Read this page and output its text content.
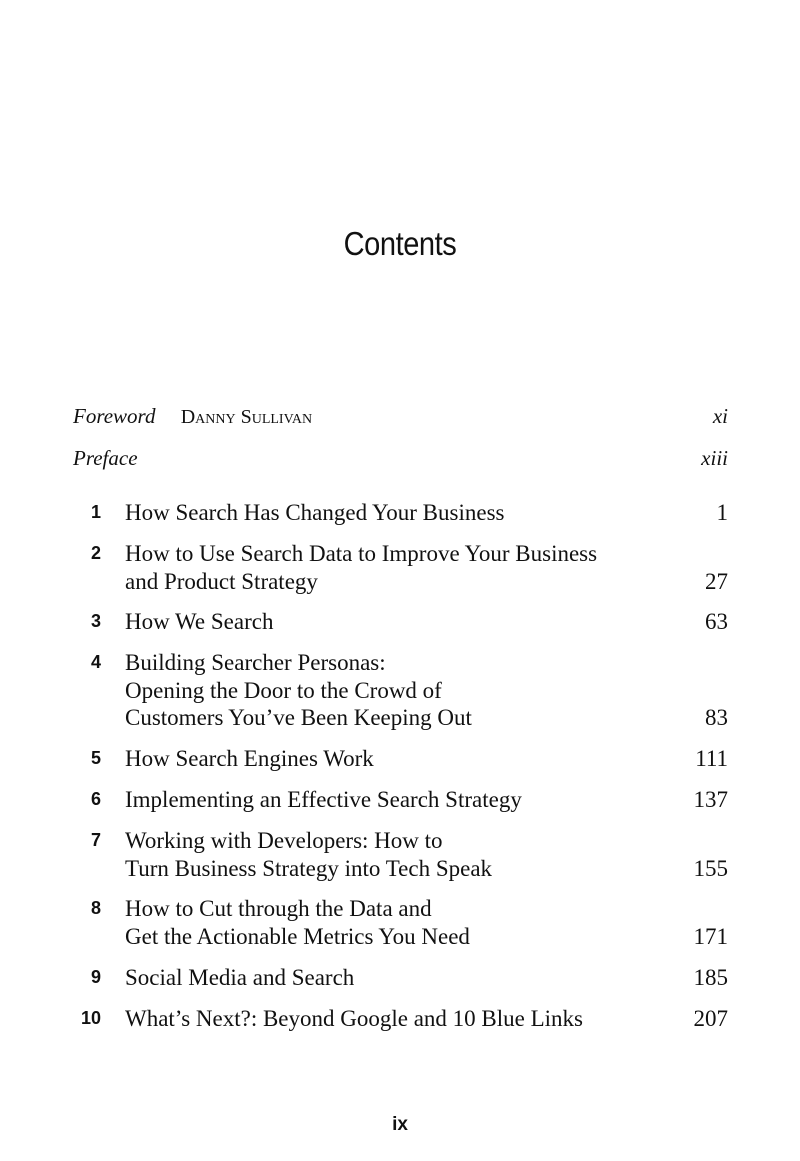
Contents
Foreword Danny Sullivan	xi
Preface	xiii
1 How Search Has Changed Your Business	1
2 How to Use Search Data to Improve Your Business
and Product Strategy	27
3 How We Search	63
4 Building Searcher Personas:
Opening the Door to the Crowd of
Customers You’ve Been Keeping Out	83
5 How Search Engines Work	111
6 Implementing an Effective Search Strategy	137
7 Working with Developers: How to
Turn Business Strategy into Tech Speak	155
8 How to Cut through the Data and
Get the Actionable Metrics You Need	171
9 Social Media and Search	185
10 What’s Next?: Beyond Google and 10 Blue Links	207
ix
